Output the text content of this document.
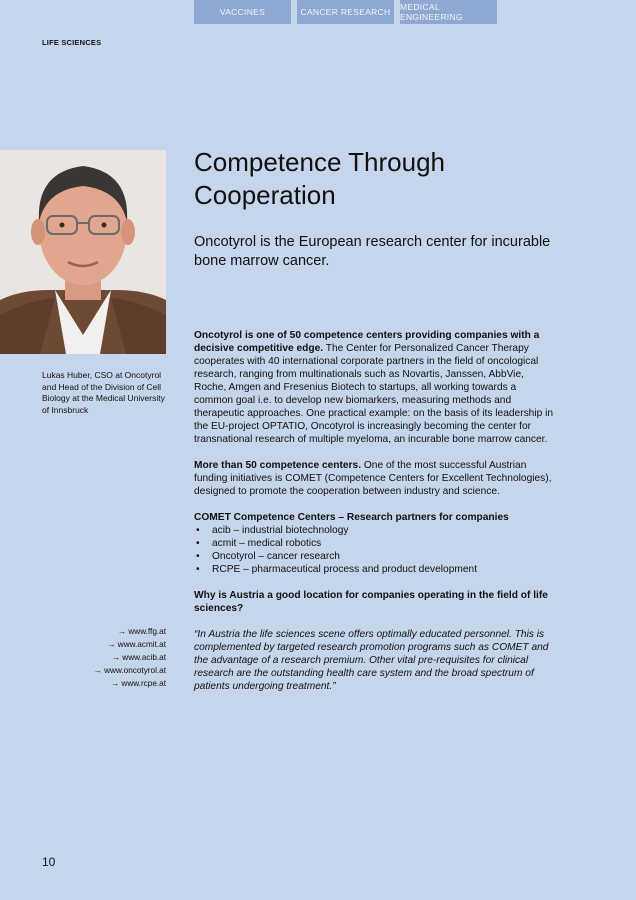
VACCINES	CANCER RESEARCH	MEDICAL ENGINEERING
LIFE SCIENCES
Lukas Huber, CSO at Oncotyrol and Head of the Division of Cell Biology at the Medical University of Innsbruck
Competence Through
Cooperation
Oncotyrol is the European research center for incurable bone marrow cancer.

Oncotyrol is one of 50 competence centers providing companies with a decisive competitive edge. The Center for Personalized Cancer Therapy cooperates with 40 international corporate partners in the field of oncological research, ranging from multinationals such as Novartis, Janssen, AbbVie, Roche, Amgen and Fresenius Biotech to startups, all working towards a common goal i.e. to develop new biomarkers, measuring methods and therapeutic approaches. One practical example: on the basis of its leadership in the EU-project OPTATIO, Oncotyrol is increasingly becoming the center for transnational research of multiple myeloma, an incurable bone marrow cancer.

More than 50 competence centers. One of the most successful Austrian funding initiatives is COMET (Competence Centers for Excellent Technologies), designed to promote the cooperation between industry and science.

COMET Competence Centers – Research partners for companies
• acib – industrial biotechnology
• acmit – medical robotics
• Oncotyrol – cancer research
• RCPE – pharmaceutical process and product development

Why is Austria a good location for companies operating in the field of life sciences?

“In Austria the life sciences scene offers optimally educated personnel. This is complemented by targeted research promotion programs such as COMET and the advantage of a research premium. Other vital pre-requisites for clinical research are the outstanding health care system and the broad spectrum of patients undergoing treatment.”

→ www.ffg.at
→ www.acmit.at
→ www.acib.at
→ www.oncotyrol.at
→ www.rcpe.at
10
